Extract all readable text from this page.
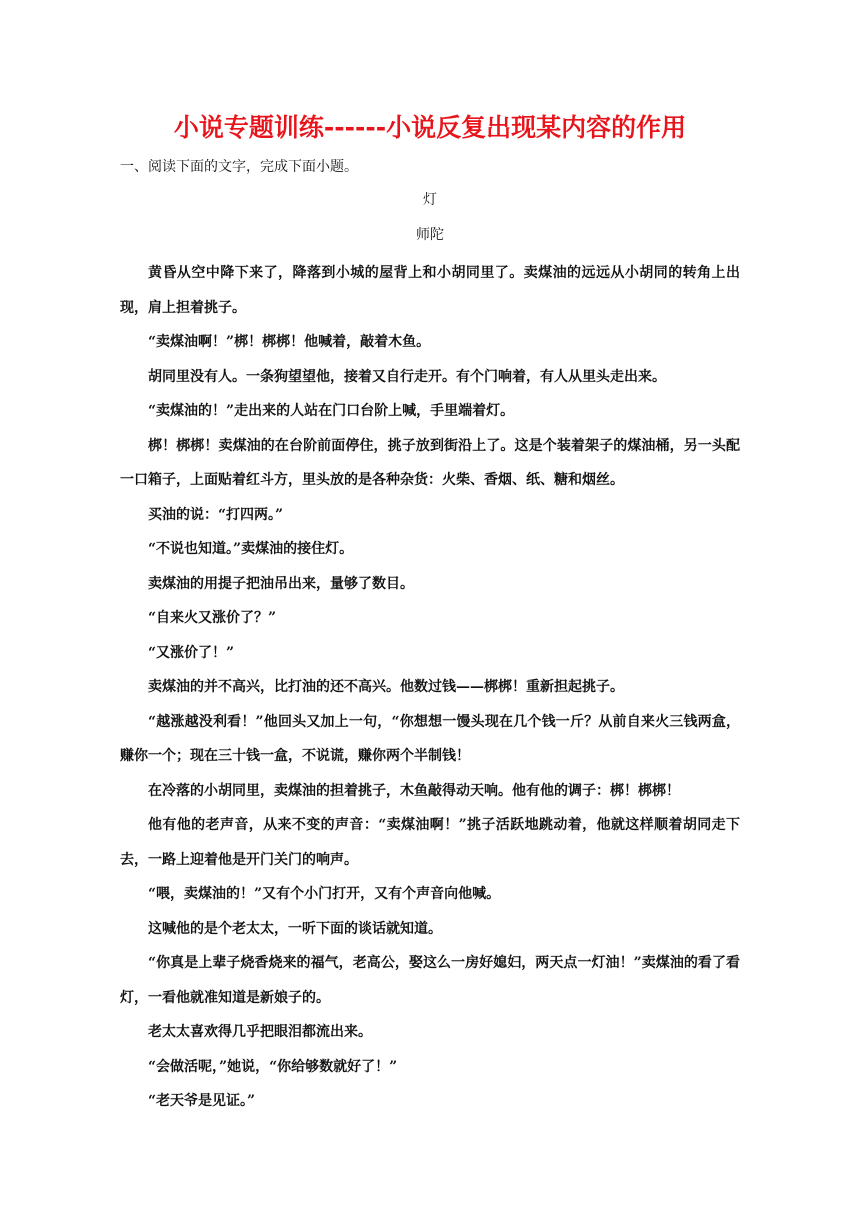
小说专题训练------小说反复出现某内容的作用
一、阅读下面的文字，完成下面小题。
灯
师陀

黄昏从空中降下来了，降落到小城的屋背上和小胡同里了。卖煤油的远远从小胡同的转角上出现，肩上担着挑子。

“卖煤油啊！”梆！梆梆！他喊着，敲着木鱼。

胡同里没有人。一条狗望望他，接着又自行走开。有个门响着，有人从里头走出来。

“卖煤油的！”走出来的人站在门口台阶上喊，手里端着灯。

梆！梆梆！卖煤油的在台阶前面停住，挑子放到街沿上了。这是个装着架子的煤油桶，另一头配一口箱子，上面贴着红斗方，里头放的是各种杂货：火柴、香烟、纸、糖和烟丝。

买油的说：“打四两。”

“不说也知道。”卖煤油的接住灯。

卖煤油的用提子把油吊出来，量够了数目。

“自来火又涨价了？”

“又涨价了！”

卖煤油的并不高兴，比打油的还不高兴。他数过钱——梆梆！重新担起挑子。

“越涨越没利看！”他回头又加上一句，“你想想一馒头现在几个钱一斤？从前自来火三钱两盒，赚你一个；现在三十钱一盒，不说谎，赚你两个半制钱！

在冷落的小胡同里，卖煤油的担着挑子，木鱼敲得动天响。他有他的调子：梆！梆梆！

他有他的老声音，从来不变的声音：“卖煤油啊！”挑子活跃地跳动着，他就这样顺着胡同走下去，一路上迎着他是开门关门的响声。

“喂，卖煤油的！”又有个小门打开，又有个声音向他喊。

这喊他的是个老太太，一听下面的谈话就知道。

“你真是上辈子烧香烧来的福气，老高公，娶这么一房好媳妇，两天点一灯油！”卖煤油的看了看灯，一看他就准知道是新娘子的。

老太太喜欢得几乎把眼泪都流出来。

“会做活呢，”她说，“你给够数就好了！”

“老天爷是见证。”
